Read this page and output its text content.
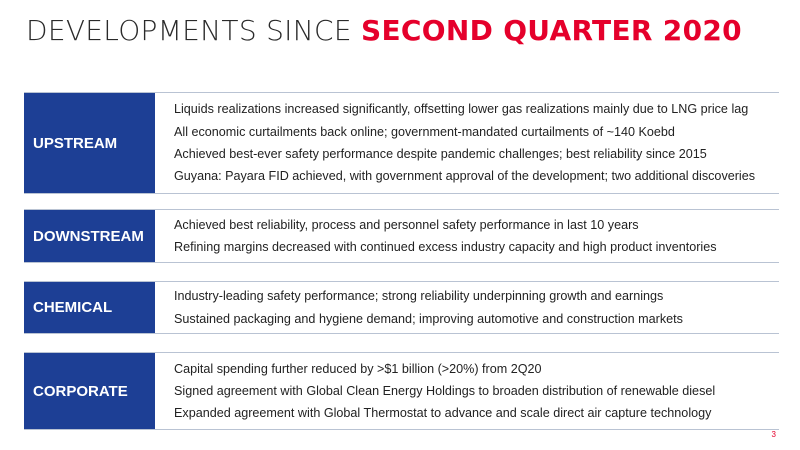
DEVELOPMENTS SINCE SECOND QUARTER 2020
UPSTREAM
Liquids realizations increased significantly, offsetting lower gas realizations mainly due to LNG price lag
All economic curtailments back online; government-mandated curtailments of ~140 Koebd
Achieved best-ever safety performance despite pandemic challenges; best reliability since 2015
Guyana: Payara FID achieved, with government approval of the development; two additional discoveries
DOWNSTREAM
Achieved best reliability, process and personnel safety performance in last 10 years
Refining margins decreased with continued excess industry capacity and high product inventories
CHEMICAL
Industry-leading safety performance; strong reliability underpinning growth and earnings
Sustained packaging and hygiene demand; improving automotive and construction markets
CORPORATE
Capital spending further reduced by >$1 billion (>20%) from 2Q20
Signed agreement with Global Clean Energy Holdings to broaden distribution of renewable diesel
Expanded agreement with Global Thermostat to advance and scale direct air capture technology
3
